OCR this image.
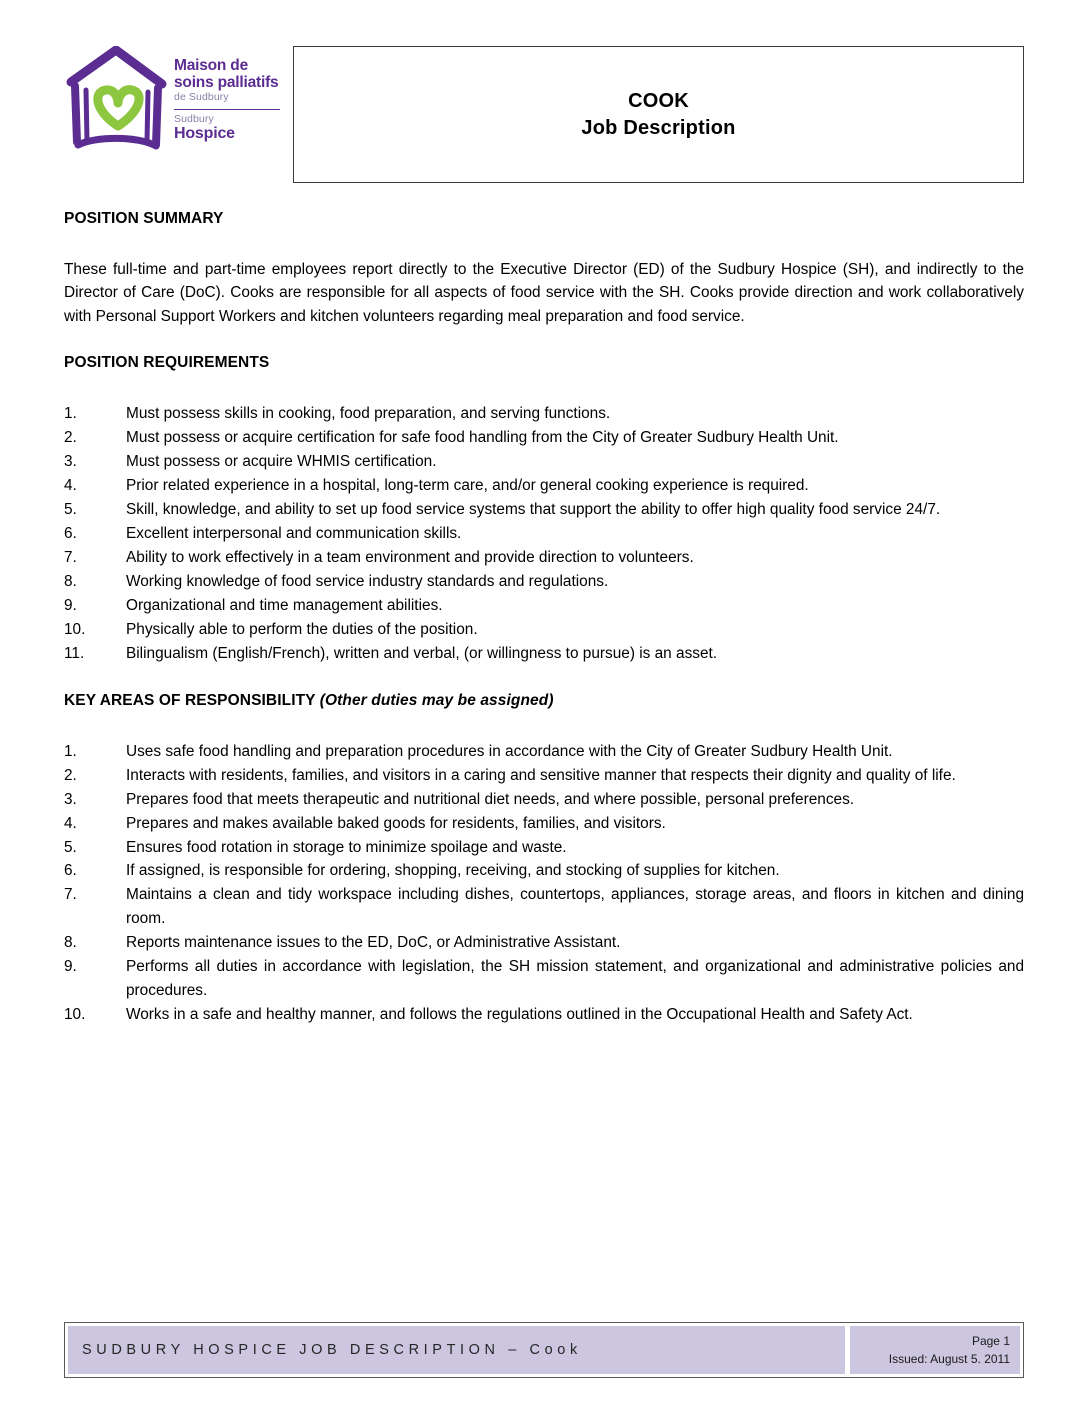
Maison de
soins palliatifs
de Sudbury
Sudbury
Hospice
COOK
Job Description
POSITION SUMMARY

These full-time and part-time employees report directly to the Executive Director (ED) of the Sudbury Hospice (SH), and indirectly to the Director of Care (DoC). Cooks are responsible for all aspects of food service with the SH. Cooks provide direction and work collaboratively with Personal Support Workers and kitchen volunteers regarding meal preparation and food service.

POSITION REQUIREMENTS
1.	Must possess skills in cooking, food preparation, and serving functions.
2.	Must possess or acquire certification for safe food handling from the City of Greater Sudbury Health Unit.
3.	Must possess or acquire WHMIS certification.
4.	Prior related experience in a hospital, long-term care, and/or general cooking experience is required.
5.	Skill, knowledge, and ability to set up food service systems that support the ability to offer high quality food service 24/7.
6.	Excellent interpersonal and communication skills.
7.	Ability to work effectively in a team environment and provide direction to volunteers.
8.	Working knowledge of food service industry standards and regulations.
9.	Organizational and time management abilities.
10.	Physically able to perform the duties of the position.
11.	Bilingualism (English/French), written and verbal, (or willingness to pursue) is an asset.
KEY AREAS OF RESPONSIBILITY (Other duties may be assigned)
1.	Uses safe food handling and preparation procedures in accordance with the City of Greater Sudbury Health Unit.
2.	Interacts with residents, families, and visitors in a caring and sensitive manner that respects their dignity and quality of life.
3.	Prepares food that meets therapeutic and nutritional diet needs, and where possible, personal preferences.
4.	Prepares and makes available baked goods for residents, families, and visitors.
5.	Ensures food rotation in storage to minimize spoilage and waste.
6.	If assigned, is responsible for ordering, shopping, receiving, and stocking of supplies for kitchen.
7.	Maintains a clean and tidy workspace including dishes, countertops, appliances, storage areas, and floors in kitchen and dining room.
8.	Reports maintenance issues to the ED, DoC, or Administrative Assistant.
9.	Performs all duties in accordance with legislation, the SH mission statement, and organizational and administrative policies and procedures.
10.	Works in a safe and healthy manner, and follows the regulations outlined in the Occupational Health and Safety Act.
SUDBURY HOSPICE JOB DESCRIPTION – Cook
Page 1
Issued: August 5. 2011
